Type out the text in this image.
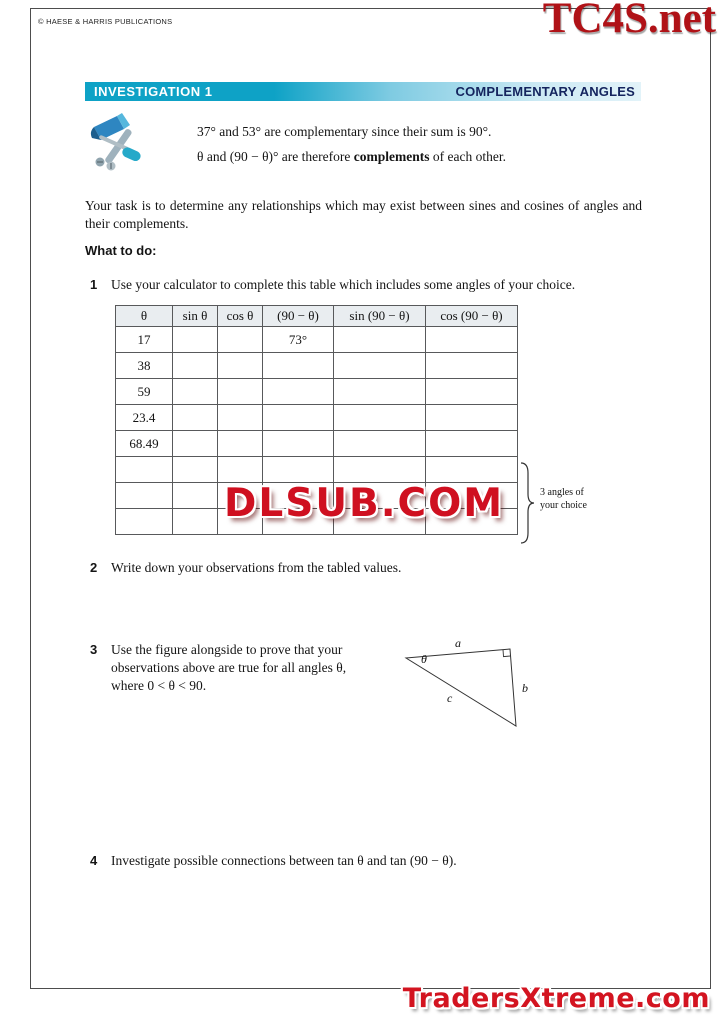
© HAESE & HARRIS PUBLICATIONS	TC4S.net
INVESTIGATION 1	COMPLEMENTARY ANGLES
37° and 53° are complementary since their sum is 90°.
θ and (90 − θ)° are therefore complements of each other.
Your task is to determine any relationships which may exist between sines and cosines of angles and their complements.
What to do:
1 Use your calculator to complete this table which includes some angles of your choice.
θ	sin θ	cos θ	(90 − θ)	sin (90 − θ)	cos (90 − θ)
17			73°		
38					
59					
23.4					
68.49					

3 angles of your choice
DLSUB.COM
2 Write down your observations from the tabled values.
3 Use the figure alongside to prove that your observations above are true for all angles θ, where 0 < θ < 90.
a
b
c
θ
4 Investigate possible connections between tan θ and tan (90 − θ).
TradersXtreme.com
